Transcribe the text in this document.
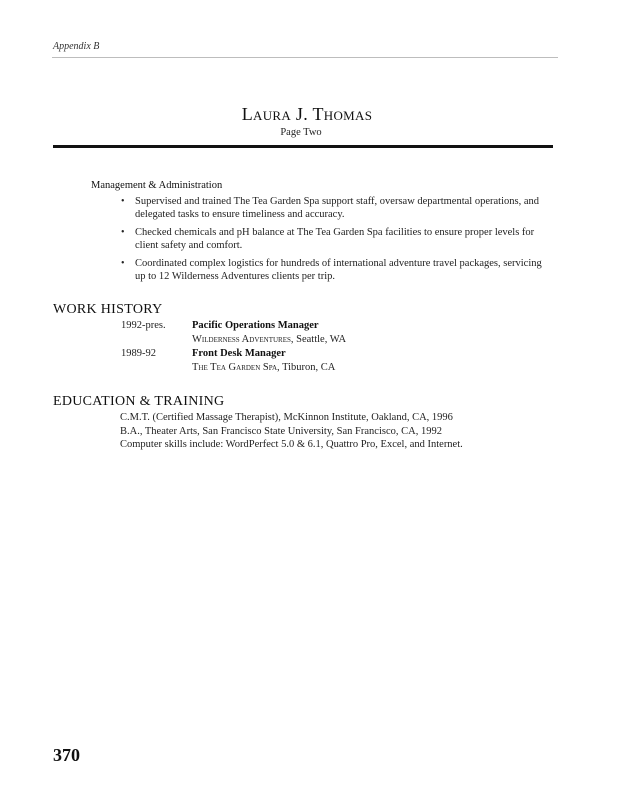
Appendix B
Laura J. Thomas
Page Two
Management & Administration
• Supervised and trained The Tea Garden Spa support staff, oversaw departmental operations, and delegated tasks to ensure timeliness and accuracy.
• Checked chemicals and pH balance at The Tea Garden Spa facilities to ensure proper levels for client safety and comfort.
• Coordinated complex logistics for hundreds of international adventure travel packages, servicing up to 12 Wilderness Adventures clients per trip.
WORK HISTORY
1992-pres.	Pacific Operations Manager
Wilderness Adventures, Seattle, WA
1989-92	Front Desk Manager
The Tea Garden Spa, Tiburon, CA
EDUCATION & TRAINING
C.M.T. (Certified Massage Therapist), McKinnon Institute, Oakland, CA, 1996
B.A., Theater Arts, San Francisco State University, San Francisco, CA, 1992
Computer skills include: WordPerfect 5.0 & 6.1, Quattro Pro, Excel, and Internet.
370
